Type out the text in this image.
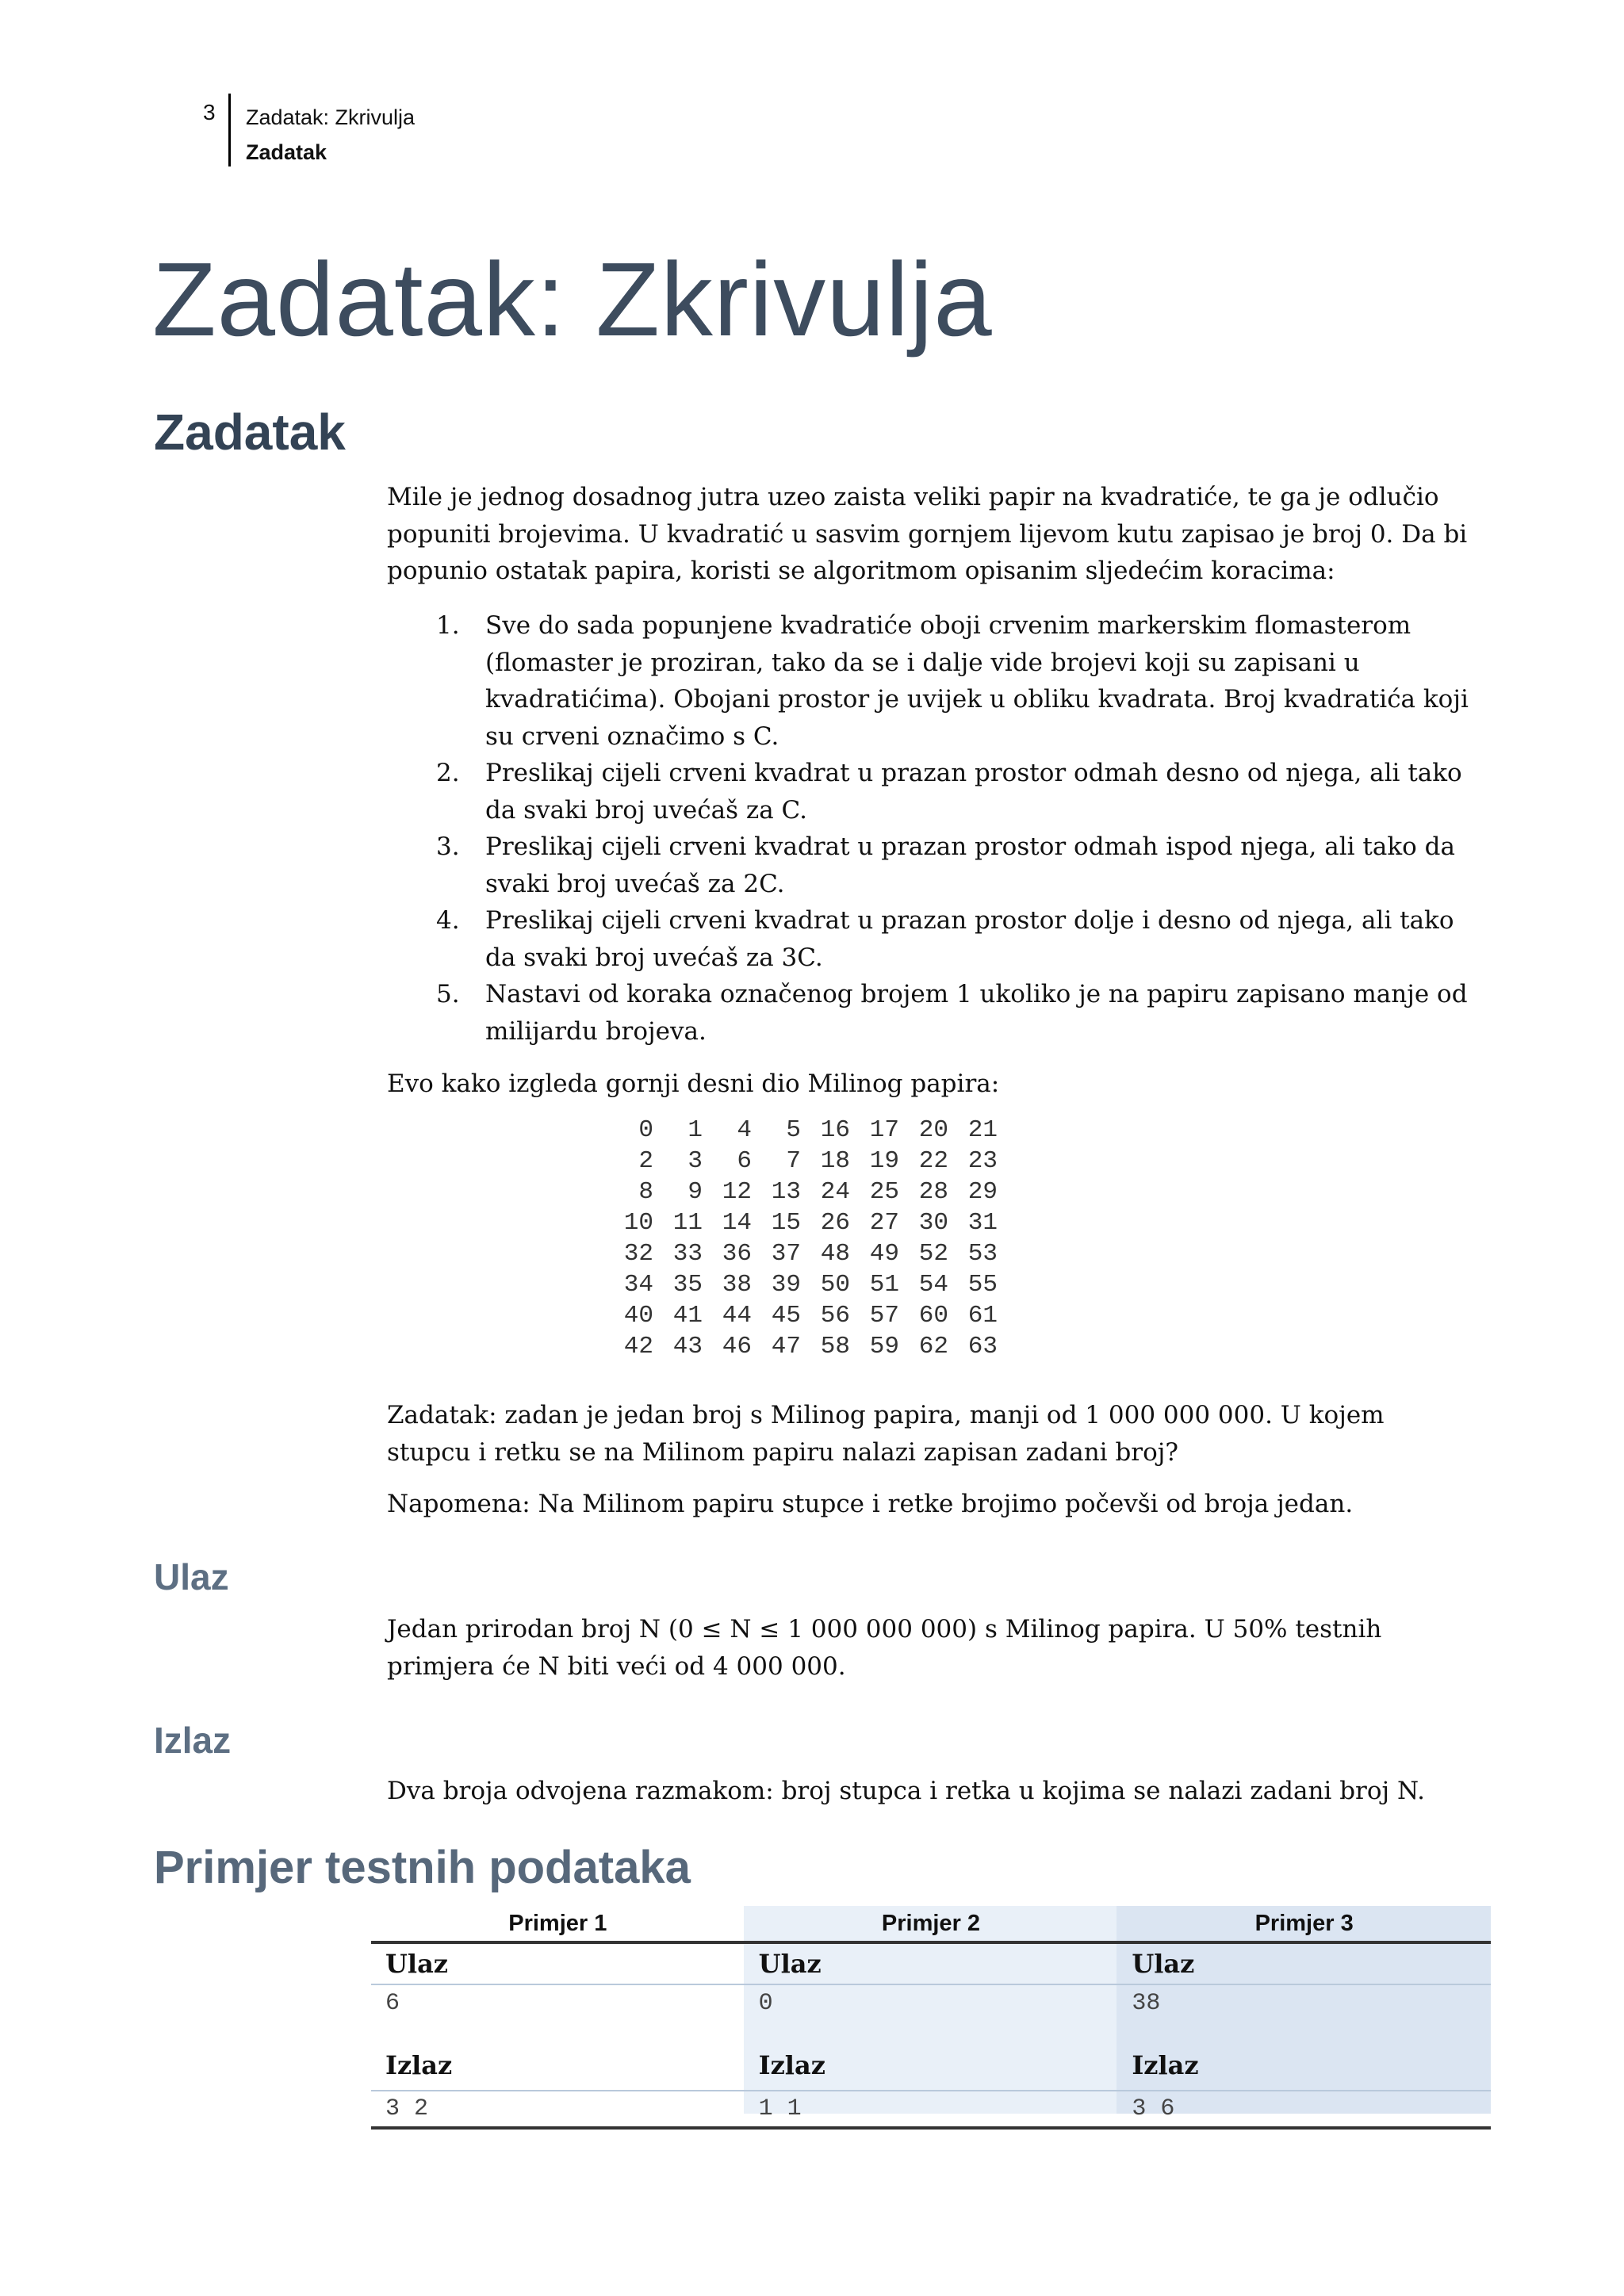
3 Zadatak: Zkrivulja
Zadatak
Zadatak: Zkrivulja
Zadatak

Mile je jednog dosadnog jutra uzeo zaista veliki papir na kvadratiće, te ga je odlučio popuniti brojevima. U kvadratić u sasvim gornjem lijevom kutu zapisao je broj 0. Da bi popunio ostatak papira, koristi se algoritmom opisanim sljedećim koracima:

1. Sve do sada popunjene kvadratiće oboji crvenim markerskim flomasterom (flomaster je proziran, tako da se i dalje vide brojevi koji su zapisani u kvadratićima). Obojani prostor je uvijek u obliku kvadrata. Broj kvadratića koji su crveni označimo s C.
2. Preslikaj cijeli crveni kvadrat u prazan prostor odmah desno od njega, ali tako da svaki broj uvećaš za C.
3. Preslikaj cijeli crveni kvadrat u prazan prostor odmah ispod njega, ali tako da svaki broj uvećaš za 2C.
4. Preslikaj cijeli crveni kvadrat u prazan prostor dolje i desno od njega, ali tako da svaki broj uvećaš za 3C.
5. Nastavi od koraka označenog brojem 1 ukoliko je na papiru zapisano manje od milijardu brojeva.

Evo kako izgleda gornji desni dio Milinog papira:

0	1	4	5	16	17	20	21
2	3	6	7	18	19	22	23
8	9	12	13	24	25	28	29
10	11	14	15	26	27	30	31
32	33	36	37	48	49	52	53
34	35	38	39	50	51	54	55
40	41	44	45	56	57	60	61
42	43	46	47	58	59	62	63

Zadatak: zadan je jedan broj s Milinog papira, manji od 1 000 000 000. U kojem stupcu i retku se na Milinom papiru nalazi zapisan zadani broj?

Napomena: Na Milinom papiru stupce i retke brojimo počevši od broja jedan.

Ulaz

Jedan prirodan broj N (0 ≤ N ≤ 1 000 000 000) s Milinog papira. U 50% testnih primjera će N biti veći od 4 000 000.

Izlaz

Dva broja odvojena razmakom: broj stupca i retka u kojima se nalazi zadani broj N.

Primjer testnih podataka
Primjer 1	Primjer 2	Primjer 3
Ulaz	Ulaz	Ulaz
6	0	38
Izlaz	Izlaz	Izlaz
3 2	1 1	3 6
